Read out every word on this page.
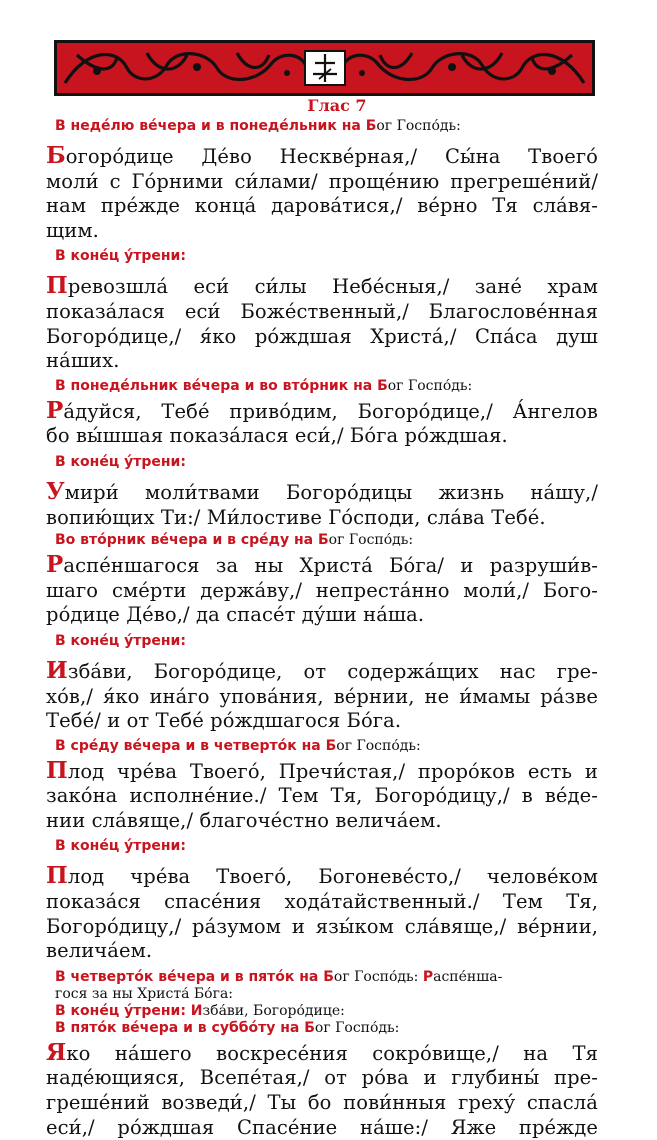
Глас 7
В неде́лю ве́чера и в понеде́льник на Бог Госпо́дь:
Богоро́дице Де́во Нескве́рная,/ Сы́на Твоего́
моли́ с Го́рними си́лами/ проще́нию прегреше́ний/
нам пре́жде конца́ дарова́тися,/ ве́рно Тя сла́вя-
щим.
В коне́ц у́трени:
Превозшла́ еси́ си́лы Небе́сныя,/ зане́ храм
показа́лася еси́ Боже́ственный,/ Благослове́нная
Богоро́дице,/ я́ко ро́ждшая Христа́,/ Спа́са душ
на́ших.
В понеде́льник ве́чера и во вто́рник на Бог Госпо́дь:
Ра́дуйся, Тебе́ приво́дим, Богоро́дице,/ А́нгелов
бо вы́шшая показа́лася еси́,/ Бо́га ро́ждшая.
В коне́ц у́трени:
Умири́ моли́твами Богоро́дицы жизнь на́шу,/
вопию́щих Ти:/ Ми́лостиве Го́споди, сла́ва Тебе́.
Во вто́рник ве́чера и в сре́ду на Бог Госпо́дь:
Распе́ншагося за ны Христа́ Бо́га/ и разруши́в-
шаго сме́рти держа́ву,/ непреста́нно моли́,/ Бого-
ро́дице Де́во,/ да спасе́т ду́ши на́ша.
В коне́ц у́трени:
Изба́ви, Богоро́дице, от содержа́щих нас гре-
хо́в,/ я́ко ина́го упова́ния, ве́рнии, не и́мамы ра́зве
Тебе́/ и от Тебе́ ро́ждшагося Бо́га.
В сре́ду ве́чера и в четверто́к на Бог Госпо́дь:
Плод чре́ва Твоего́, Пречи́стая,/ проро́ков есть и
зако́на исполне́ние./ Тем Тя, Богоро́дицу,/ в ве́де-
нии сла́вяще,/ благоче́стно велича́ем.
В коне́ц у́трени:
Плод чре́ва Твоего́, Богоневе́сто,/ челове́ком
показа́ся спасе́ния хода́тайственный./ Тем Тя,
Богоро́дицу,/ ра́зумом и язы́ком сла́вяще,/ ве́рнии,
велича́ем.
В четверто́к ве́чера и в пято́к на Бог Госпо́дь: Распе́нша-
гося за ны Христа́ Бо́га:
В коне́ц у́трени: Изба́ви, Богоро́дице:
В пято́к ве́чера и в суббо́ту на Бог Госпо́дь:
Яко на́шего воскресе́ния сокро́вище,/ на Тя
наде́ющияся, Всепе́тая,/ от ро́ва и глубины́ пре-
греше́ний возведи́,/ Ты бо пови́нныя греху́ спасла́
еси́,/ ро́ждшая Спасе́ние на́ше:/ Яже пре́жде
